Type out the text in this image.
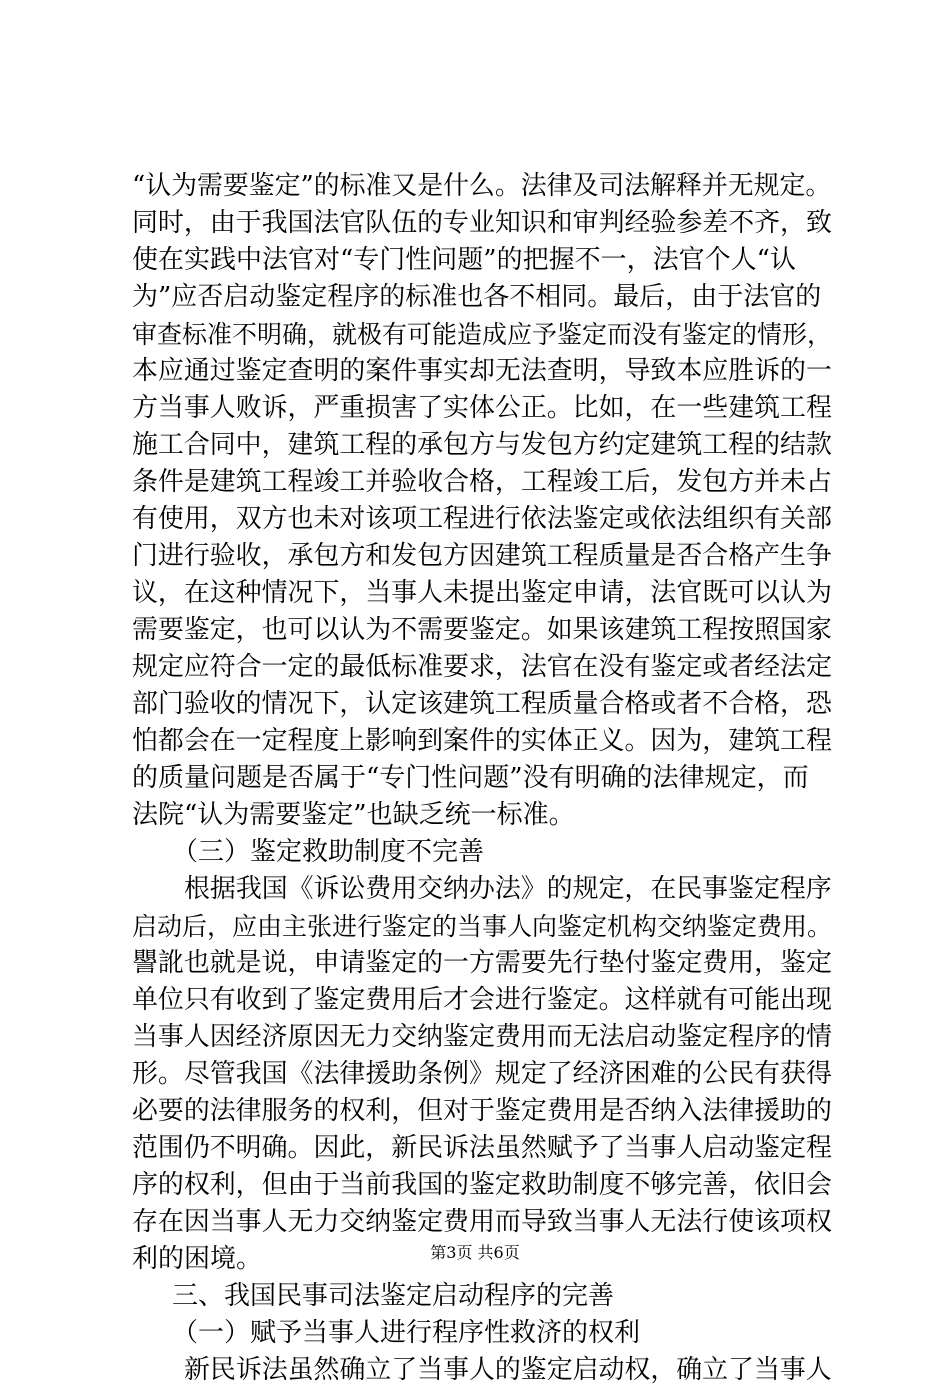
“认为需要鉴定”的标准又是什么。法律及司法解释并无规定。
同时，由于我国法官队伍的专业知识和审判经验参差不齐，致
使在实践中法官对“专门性问题”的把握不一，法官个人“认
为”应否启动鉴定程序的标准也各不相同。最后，由于法官的
审查标准不明确，就极有可能造成应予鉴定而没有鉴定的情形，
本应通过鉴定查明的案件事实却无法查明，导致本应胜诉的一
方当事人败诉，严重损害了实体公正。比如，在一些建筑工程
施工合同中，建筑工程的承包方与发包方约定建筑工程的结款
条件是建筑工程竣工并验收合格，工程竣工后，发包方并未占
有使用，双方也未对该项工程进行依法鉴定或依法组织有关部
门进行验收，承包方和发包方因建筑工程质量是否合格产生争
议，在这种情况下，当事人未提出鉴定申请，法官既可以认为
需要鉴定，也可以认为不需要鉴定。如果该建筑工程按照国家
规定应符合一定的最低标准要求，法官在没有鉴定或者经法定
部门验收的情况下，认定该建筑工程质量合格或者不合格，恐
怕都会在一定程度上影响到案件的实体正义。因为，建筑工程
的质量问题是否属于“专门性问题”没有明确的法律规定，而
法院“认为需要鉴定”也缺乏统一标准。
（三）鉴定救助制度不完善
根据我国《诉讼费用交纳办法》的规定，在民事鉴定程序
启动后，应由主张进行鉴定的当事人向鉴定机构交纳鉴定费用。
譻訛也就是说，申请鉴定的一方需要先行垫付鉴定费用，鉴定
单位只有收到了鉴定费用后才会进行鉴定。这样就有可能出现
当事人因经济原因无力交纳鉴定费用而无法启动鉴定程序的情
形。尽管我国《法律援助条例》规定了经济困难的公民有获得
必要的法律服务的权利，但对于鉴定费用是否纳入法律援助的
范围仍不明确。因此，新民诉法虽然赋予了当事人启动鉴定程
序的权利，但由于当前我国的鉴定救助制度不够完善，依旧会
存在因当事人无力交纳鉴定费用而导致当事人无法行使该项权
利的困境。
三、我国民事司法鉴定启动程序的完善
（一）赋予当事人进行程序性救济的权利
新民诉法虽然确立了当事人的鉴定启动权，确立了当事人
第3页 共6页
